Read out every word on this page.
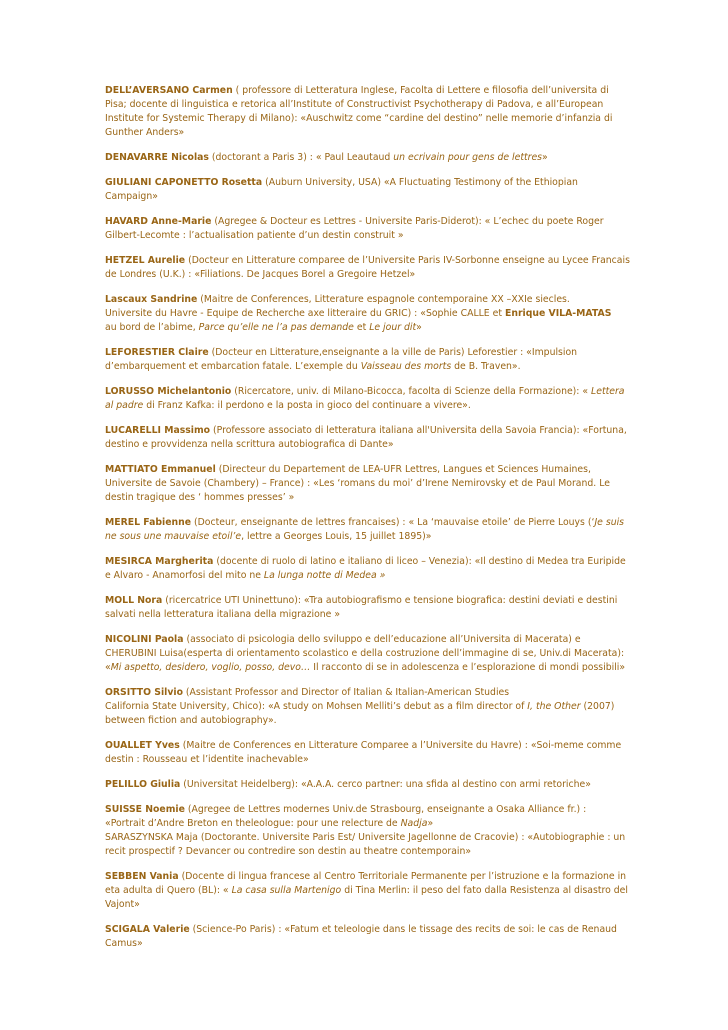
DELL’AVERSANO Carmen ( professore di Letteratura Inglese, Facolta di Lettere e filosofia dell’universita di Pisa; docente di linguistica e retorica all’Institute of Constructivist Psychotherapy di Padova, e all’European Institute for Systemic Therapy di Milano): «Auschwitz come “cardine del destino” nelle memorie d’infanzia di Gunther Anders»

DENAVARRE Nicolas (doctorant a Paris 3) : « Paul Leautaud un ecrivain pour gens de lettres»

GIULIANI CAPONETTO Rosetta (Auburn University, USA) «A Fluctuating Testimony of the Ethiopian Campaign»

HAVARD Anne-Marie (Agregee & Docteur es Lettres - Universite Paris-Diderot): « L’echec du poete Roger Gilbert-Lecomte : l’actualisation patiente d’un destin construit »

HETZEL Aurelie (Docteur en Litterature comparee de l’Universite Paris IV-Sorbonne enseigne au Lycee Francais de Londres (U.K.) : «Filiations. De Jacques Borel a Gregoire Hetzel»

Lascaux Sandrine (Maitre de Conferences, Litterature espagnole contemporaine XX –XXIe siecles.
Universite du Havre - Equipe de Recherche axe litteraire du GRIC) : «Sophie CALLE et Enrique VILA-MATAS
au bord de l’abime, Parce qu’elle ne l’a pas demande et Le jour dit»

LEFORESTIER Claire (Docteur en Litterature,enseignante a la ville de Paris) Leforestier : «Impulsion d’embarquement et embarcation fatale. L’exemple du Vaisseau des morts de B. Traven».

LORUSSO Michelantonio (Ricercatore, univ. di Milano-Bicocca, facolta di Scienze della Formazione): « Lettera al padre di Franz Kafka: il perdono e la posta in gioco del continuare a vivere».

LUCARELLI Massimo (Professore associato di letteratura italiana all'Universita della Savoia Francia): «Fortuna, destino e provvidenza nella scrittura autobiografica di Dante»

MATTIATO Emmanuel (Directeur du Departement de LEA-UFR Lettres, Langues et Sciences Humaines, Universite de Savoie (Chambery) – France) : «Les ‘romans du moi’ d’Irene Nemirovsky et de Paul Morand. Le destin tragique des ‘ hommes presses’ »

MEREL Fabienne (Docteur, enseignante de lettres francaises) : « La ‘mauvaise etoile’ de Pierre Louys (‘Je suis ne sous une mauvaise etoil’e, lettre a Georges Louis, 15 juillet 1895)»

MESIRCA Margherita (docente di ruolo di latino e italiano di liceo – Venezia): «Il destino di Medea tra Euripide e Alvaro - Anamorfosi del mito ne La lunga notte di Medea »

MOLL Nora (ricercatrice UTI Uninettuno): «Tra autobiografismo e tensione biografica: destini deviati e destini salvati nella letteratura italiana della migrazione »

NICOLINI Paola (associato di psicologia dello sviluppo e dell’educazione all’Universita di Macerata) e CHERUBINI Luisa(esperta di orientamento scolastico e della costruzione dell’immagine di se, Univ.di Macerata): «Mi aspetto, desidero, voglio, posso, devo… Il racconto di se in adolescenza e l’esplorazione di mondi possibili»

ORSITTO Silvio (Assistant Professor and Director of Italian & Italian-American Studies
California State University, Chico): «A study on Mohsen Melliti’s debut as a film director of I, the Other (2007) between fiction and autobiography».

OUALLET Yves (Maitre de Conferences en Litterature Comparee a l’Universite du Havre) : «Soi-meme comme destin : Rousseau et l’identite inachevable»

PELILLO Giulia (Universitat Heidelberg): «A.A.A. cerco partner: una sfida al destino con armi retoriche»

SUISSE Noemie (Agregee de Lettres modernes Univ.de Strasbourg, enseignante a Osaka Alliance fr.) :
«Portrait d’Andre Breton en theleologue: pour une relecture de Nadja»
SARASZYNSKA Maja (Doctorante. Universite Paris Est/ Universite Jagellonne de Cracovie) : «Autobiographie : un recit prospectif ? Devancer ou contredire son destin au theatre contemporain»

SEBBEN Vania (Docente di lingua francese al Centro Territoriale Permanente per l’istruzione e la formazione in eta adulta di Quero (BL): « La casa sulla Martenigo di Tina Merlin: il peso del fato dalla Resistenza al disastro del Vajont»

SCIGALA Valerie (Science-Po Paris) : «Fatum et teleologie dans le tissage des recits de soi: le cas de Renaud Camus»
